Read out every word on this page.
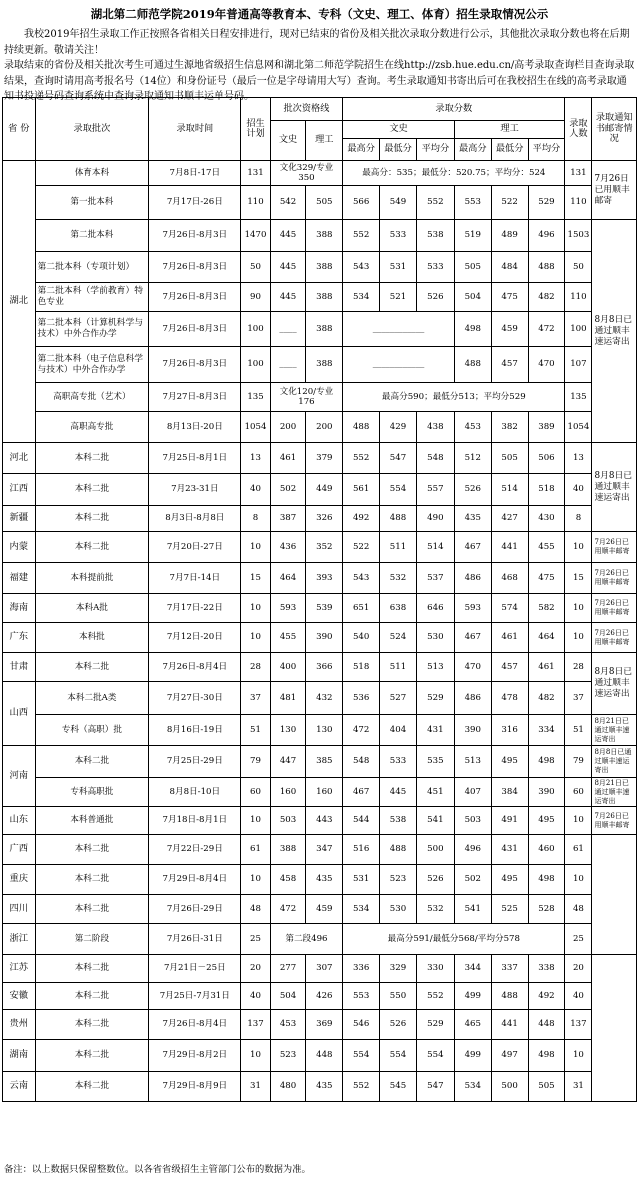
湖北第二师范学院2019年普通高等教育本、专科（文史、理工、体育）招生录取情况公示

我校2019年招生录取工作正按照各省相关日程安排进行，现对已结束的省份及相关批次录取分数进行公示，其他批次录取分数也将在后期持续更新。敬请关注！

录取结束的省份及相关批次考生可通过生源地省级招生信息网和湖北第二师范学院招生在线http://zsb.hue.edu.cn/高考录取查询栏目查询录取结果，查询时请用高考报名号（14位）和身份证号（最后一位是字母请用大写）查询。考生录取通知书寄出后可在我校招生在线的高考录取通知书投递号码查询系统中查询录取通知书顺丰运单号码。

省 份	录取批次	录取时间	招生计划	批次资格线		录取分数						录取人数	录取通知书邮寄情况
				文史	理工	文史			理工				
						最高分	最低分	平均分	最高分	最低分	平均分		
湖北	体育本科	7月8日-17日	131	文化329/专业350		最高分：535；最低分：520.75；平均分：524						131	7月26日已用顺丰邮寄
	第一批本科	7月17日-26日	110	542	505	566	549	552	553	522	529	110	
	第二批本科	7月26日-8月3日	1470	445	388	552	533	538	519	489	496	1503	8月8日已通过顺丰速运寄出
	第二批本科（专项计划）	7月26日-8月3日	50	445	388	543	531	533	505	484	488	50	
	第二批本科（学前教育）特色专业	7月26日-8月3日	90	445	388	534	521	526	504	475	482	110	
	第二批本科（计算机科学与技术）中外合作办学	7月26日-8月3日	100	____	388	____________			498	459	472	100	
	第二批本科（电子信息科学与技术）中外合作办学	7月26日-8月3日	100	____	388	____________			488	457	470	107	
	高职高专批（艺术）	7月27日-8月3日	135	文化120/专业176		最高分590；最低分513；平均分529						135	
	高职高专批	8月13日-20日	1054	200	200	488	429	438	453	382	389	1054	
河北	本科二批	7月25日-8月1日	13	461	379	552	547	548	512	505	506	13	8月8日已通过顺丰速运寄出
江西	本科二批	7月23-31日	40	502	449	561	554	557	526	514	518	40	
新疆	本科二批	8月3日-8月8日	8	387	326	492	488	490	435	427	430	8	
内蒙	本科二批	7月20日-27日	10	436	352	522	511	514	467	441	455	10	7月26日已用顺丰邮寄
福建	本科提前批	7月7日-14日	15	464	393	543	532	537	486	468	475	15	7月26日已用顺丰邮寄
海南	本科A批	7月17日-22日	10	593	539	651	638	646	593	574	582	10	7月26日已用顺丰邮寄
广东	本科批	7月12日-20日	10	455	390	540	524	530	467	461	464	10	7月26日已用顺丰邮寄
甘肃	本科二批	7月26日-8月4日	28	400	366	518	511	513	470	457	461	28	8月8日已通过顺丰速运寄出
山西	本科二批A类	7月27日-30日	37	481	432	536	527	529	486	478	482	37	
	专科（高职）批	8月16日-19日	51	130	130	472	404	431	390	316	334	51	8月21日已通过顺丰速运寄出
河南	本科二批	7月25日-29日	79	447	385	548	533	535	513	495	498	79	8月8日已通过顺丰速运寄出
	专科高职批	8月8日-10日	60	160	160	467	445	451	407	384	390	60	8月21日已通过顺丰速运寄出
山东	本科普通批	7月18日-8月1日	10	503	443	544	538	541	503	491	495	10	7月26日已用顺丰邮寄
广西	本科二批	7月22日-29日	61	388	347	516	488	500	496	431	460	61	
重庆	本科二批	7月29日-8月4日	10	458	435	531	523	526	502	495	498	10	
四川	本科二批	7月26日-29日	48	472	459	534	530	532	541	525	528	48	
浙江	第二阶段	7月26日-31日	25	第二段496		最高分591/最低分568/平均分578						25	
江苏	本科二批	7月21日－25日	20	277	307	336	329	330	344	337	338	20	
安徽	本科二批	7月25日-7月31日	40	504	426	553	550	552	499	488	492	40	
贵州	本科二批	7月26日-8月4日	137	453	369	546	526	529	465	441	448	137	
湖南	本科二批	7月29日-8月2日	10	523	448	554	554	554	499	497	498	10	
云南	本科二批	7月29日-8月9日	31	480	435	552	545	547	534	500	505	31	
备注：以上数据只保留整数位。以各省省级招生主管部门公布的数据为准。
